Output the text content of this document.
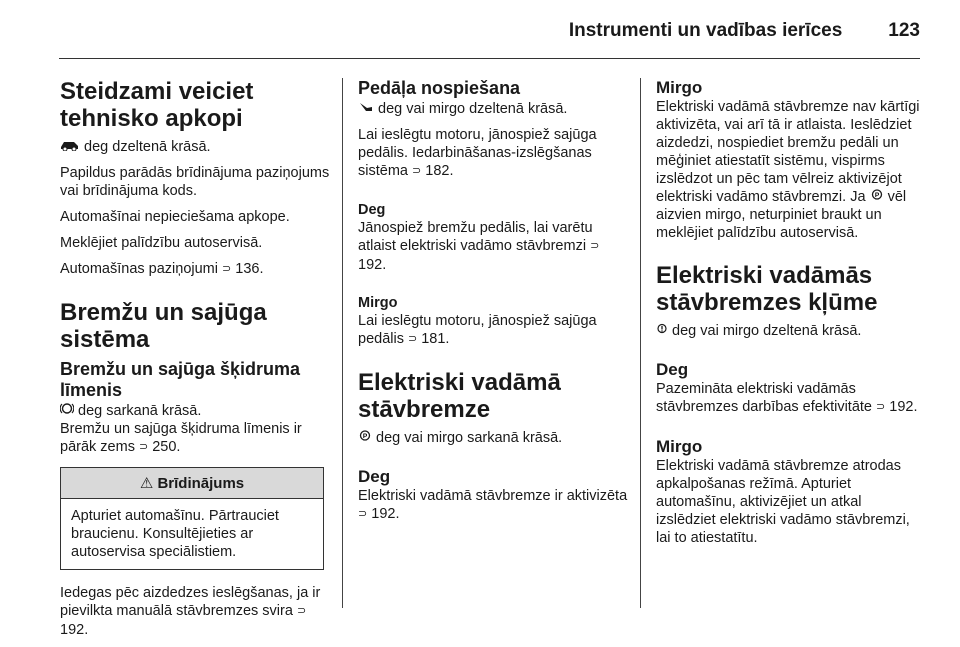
Instrumenti un vadības ierīces 123
Steidzami veiciet tehnisko apkopi
deg dzeltenā krāsā.
Papildus parādās brīdinājuma paziņojums vai brīdinājuma kods.
Automašīnai nepieciešama apkope.
Meklējiet palīdzību autoservisā.
Automašīnas paziņojumi ⊃ 136.
Bremžu un sajūga sistēma
Bremžu un sajūga šķidruma līmenis
deg sarkanā krāsā.
Bremžu un sajūga šķidruma līmenis ir pārāk zems ⊃ 250.
⚠ Brīdinājums
Apturiet automašīnu. Pārtrauciet braucienu. Konsultējieties ar autoservisa speciālistiem.
Iedegas pēc aizdedzes ieslēgšanas, ja ir pievilkta manuālā stāvbremzes svira ⊃ 192.
Pedāļa nospiešana
deg vai mirgo dzeltenā krāsā.
Lai ieslēgtu motoru, jānospiež sajūga pedālis. Iedarbināšanas-izslēgšanas sistēma ⊃ 182.
Deg
Jānospiež bremžu pedālis, lai varētu atlaist elektriski vadāmo stāvbremzi ⊃ 192.
Mirgo
Lai ieslēgtu motoru, jānospiež sajūga pedālis ⊃ 181.
Elektriski vadāmā stāvbremze
P deg vai mirgo sarkanā krāsā.
Deg
Elektriski vadāmā stāvbremze ir aktivizēta ⊃ 192.
Mirgo
Elektriski vadāmā stāvbremze nav kārtīgi aktivizēta, vai arī tā ir atlaista. Ieslēdziet aizdedzi, nospiediet bremžu pedāli un mēģiniet atiestatīt sistēmu, vispirms izslēdzot un pēc tam vēlreiz aktivizējot elektriski vadāmo stāvbremzi. Ja P vēl aizvien mirgo, neturpiniet braukt un meklējiet palīdzību autoservisā.
Elektriski vadāmās stāvbremzes kļūme
deg vai mirgo dzeltenā krāsā.
Deg
Pazemināta elektriski vadāmās stāvbremzes darbības efektivitāte ⊃ 192.
Mirgo
Elektriski vadāmā stāvbremze atrodas apkalpošanas režīmā. Apturiet automašīnu, aktivizējiet un atkal izslēdziet elektriski vadāmo stāvbremzi, lai to atiestatītu.
